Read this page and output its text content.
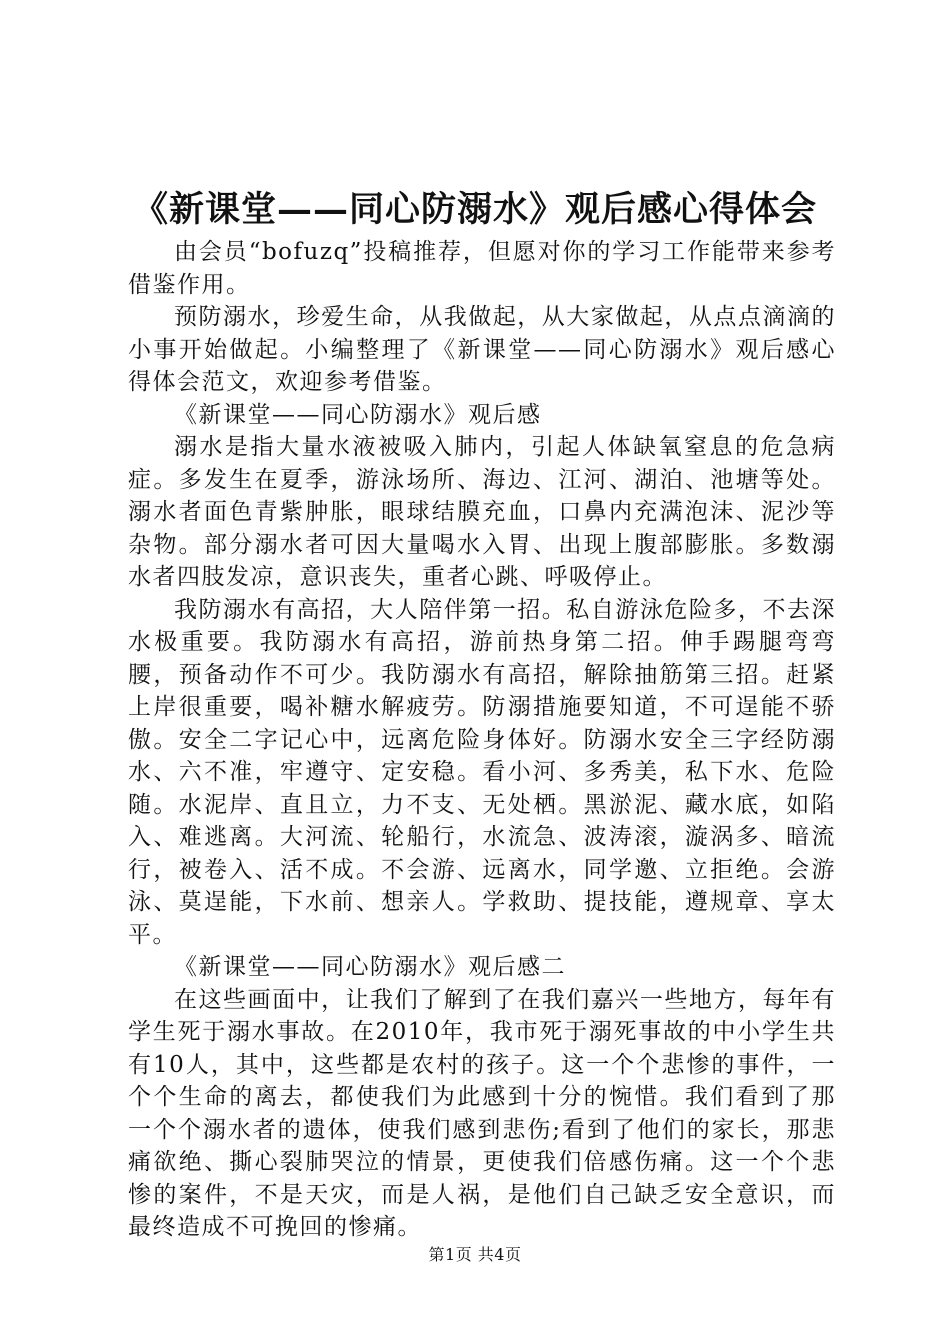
《新课堂——同心防溺水》观后感心得体会

由会员“bofuzq”投稿推荐，但愿对你的学习工作能带来参考借鉴作用。

预防溺水，珍爱生命，从我做起，从大家做起，从点点滴滴的小事开始做起。小编整理了《新课堂——同心防溺水》观后感心得体会范文，欢迎参考借鉴。

《新课堂——同心防溺水》观后感

溺水是指大量水液被吸入肺内，引起人体缺氧窒息的危急病症。多发生在夏季，游泳场所、海边、江河、湖泊、池塘等处。溺水者面色青紫肿胀，眼球结膜充血，口鼻内充满泡沫、泥沙等杂物。部分溺水者可因大量喝水入胃、出现上腹部膨胀。多数溺水者四肢发凉，意识丧失，重者心跳、呼吸停止。

我防溺水有高招，大人陪伴第一招。私自游泳危险多，不去深水极重要。我防溺水有高招，游前热身第二招。伸手踢腿弯弯腰，预备动作不可少。我防溺水有高招，解除抽筋第三招。赶紧上岸很重要，喝补糖水解疲劳。防溺措施要知道，不可逞能不骄傲。安全二字记心中，远离危险身体好。防溺水安全三字经防溺水、六不准，牢遵守、定安稳。看小河、多秀美，私下水、危险随。水泥岸、直且立，力不支、无处栖。黑淤泥、藏水底，如陷入、难逃离。大河流、轮船行，水流急、波涛滚，漩涡多、暗流行，被卷入、活不成。不会游、远离水，同学邀、立拒绝。会游泳、莫逞能，下水前、想亲人。学救助、提技能，遵规章、享太平。

《新课堂——同心防溺水》观后感二

在这些画面中，让我们了解到了在我们嘉兴一些地方，每年有学生死于溺水事故。在2010年，我市死于溺死事故的中小学生共有10人，其中，这些都是农村的孩子。这一个个悲惨的事件，一个个生命的离去，都使我们为此感到十分的惋惜。我们看到了那一个个溺水者的遗体，使我们感到悲伤;看到了他们的家长，那悲痛欲绝、撕心裂肺哭泣的情景，更使我们倍感伤痛。这一个个悲惨的案件，不是天灾，而是人祸，是他们自己缺乏安全意识，而最终造成不可挽回的惨痛。

第1页 共4页
